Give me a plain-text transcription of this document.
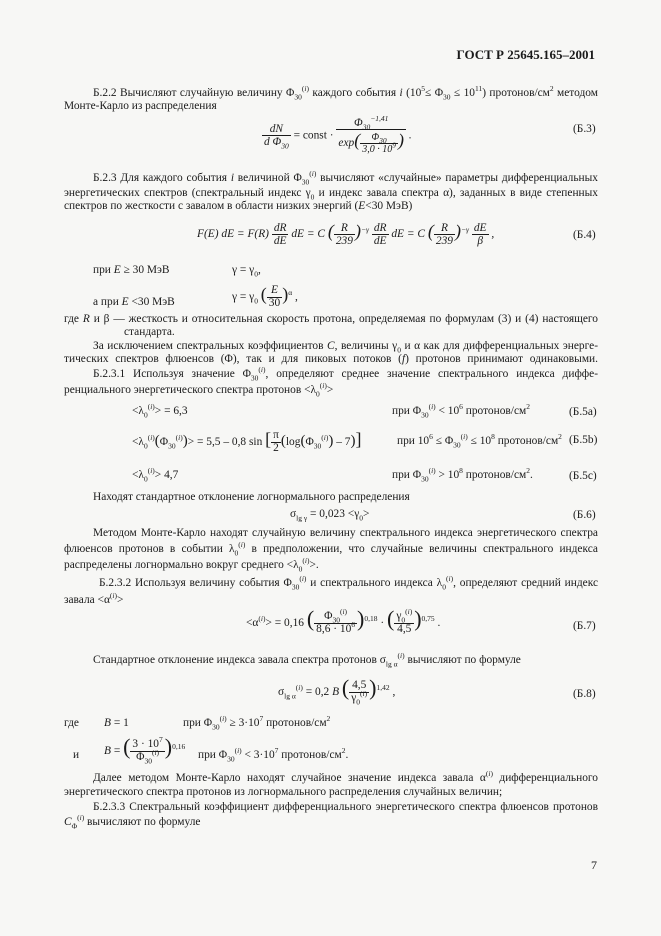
ГОСТ Р 25645.165–2001
Б.2.2 Вычисляют случайную величину $\Phi_{30}^{(i)}$ каждого события i $(10^5\le \Phi_{30} \le 10^{11})$ протонов/$см^2$ методом
Монте-Карло из распределения
$\frac{dN}{d \Phi_{30}}$ = const · $\frac{\Phi_{30}^{-1,41}}{\exp( \frac{\Phi_{30}}{3,0 \cdot 10^9} )}$ .
(Б.3)
Б.2.3 Для каждого события i величиной $\Phi_{30}^{(i)}$ вычисляют «случайные» параметры дифференциальных
энергетических спектров (спектральный индекс $\gamma_0$ и индекс завала спектра α), заданных в виде степенных
спектров по жесткости с завалом в области низких энергий (E<30 МэВ)
F(E) dE = $F(R) \frac{dR}{dE}$ dE = C ( $\frac{R}{239} )^{-\gamma} \frac{dR}{dE}$ dE = C ( $\frac{R}{239} )^{-\gamma} \frac{dE}{\beta}$ ,	(Б.4)
при E ≥ 30 МэВ	$\gamma = \gamma_0$,
а при E <30 МэВ	$\gamma = \gamma_0$ ( $\frac{E}{30} )^\alpha$ ,
где R и β — жесткость и относительная скорость протона, определяемая по формулам (3) и (4) настоящего
стандарта.
За исключением спектральных коэффициентов C, величины $\gamma_0$ и α как для дифференциальных энерге-
тических спектров флюенсов (Φ), так и для пиковых потоков (f) протонов принимают одинаковыми.
Б.2.3.1 Используя значение $\Phi_{30}^{(i)}$, определяют среднее значение спектрального индекса диффе-
ренциального энергетического спектра протонов $<\lambda_0^{(i)}>$
$<\lambda_0^{(i)}> = 6,3$	при $\Phi_{30}^{(i)} < 10^6$ протонов/$см^2$	(Б.5а)
$<\lambda_0^{(i)}(\Phi_{30}^{(i)})> = 5,5 - 0,8$ sin [ $\frac{\pi}{2} (\log(\Phi_{30}^{(i)}) - 7)$]	при $10^6 \le \Phi_{30}^{(i)} \le 10^8$ протонов/$см^2$ (Б.5b)
$<\lambda_0^{(i)}> 4,7$	при $\Phi_{30}^{(i)} > 10^8$ протонов/$см^2$.	(Б.5с)
Находят стандартное отклонение логнормального распределения
$\sigma_{lg \gamma} = 0,023 <\gamma_0>$	(Б.6)
Методом Монте-Карло находят случайную величину спектрального индекса энергетического спектра
флюенсов протонов в событии $\lambda_0^{(i)}$ в предположении, что случайные величины спектрального индекса
распределены логнормально вокруг среднего $<\lambda_0^{(i)}>$.
Б.2.3.2 Используя величину события $\Phi_{30}^{(i)}$ и спектрального индекса $\lambda_0^{(i)}$, определяют средний индекс
завала $<\alpha^{(i)}>$
$<\alpha^{(i)}> = 0,16$ ( $\frac{\Phi_{30}^{(i)}}{8,6 \cdot 10^6} )^{0,18}$ · ( $\frac{\gamma_0^{(i)}}{4,5} )^{0,75}$ .	(Б.7)
Стандартное отклонение индекса завала спектра протонов $\sigma_{lg \alpha}^{(i)}$ вычисляют по формуле
$\sigma_{lg \alpha}^{(i)} = 0,2$ B ( $\frac{4,5}{\gamma_0^{(i)}} )^{1,42}$ ,	(Б.8)
где B = 1	при $\Phi_{30}^{(i)} \ge 3\cdot 10^7$ протонов/$см^2$
и B = ( $\frac{3 \cdot 10^7}{\Phi_{30}^{(i)}} )^{0,16}$
при $\Phi_{30}^{(i)} < 3\cdot 10^7$ протонов/$см^2$.
Далее методом Монте-Карло находят случайное значение индекса завала $\alpha^{(i)}$ дифференциального
энергетического спектра протонов из логнормального распределения случайных величин;
Б.2.3.3 Спектральный коэффициент дифференциального энергетического спектра флюенсов протонов
$C_\Phi^{(i)}$ вычисляют по формуле
7
